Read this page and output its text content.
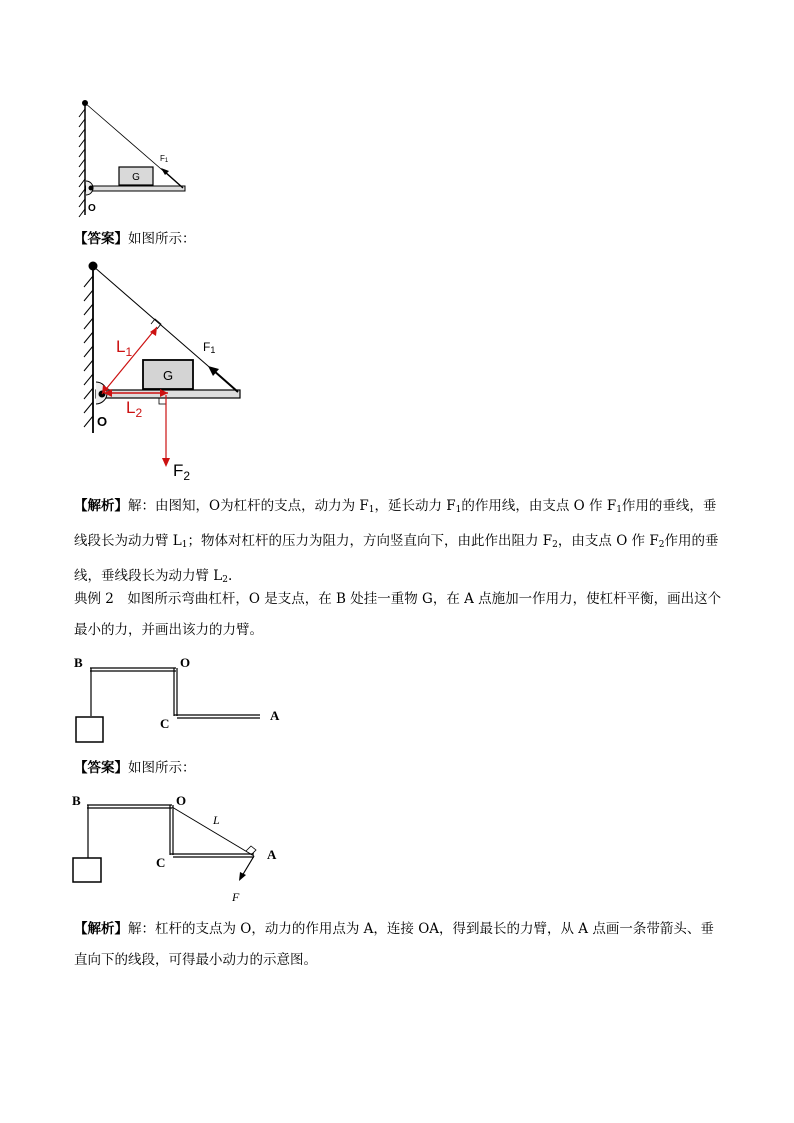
G
F1
O
【答案】如图所示：
G
F1
$L_1$
$L_2$
$F_2$
O
【解析】解：由图知，O为杠杆的支点，动力为 $F_1$，延长动力 $F_1$的作用线，由支点 O 作 $F_1$作用的垂线，垂线段长为动力臂 $L_1$；物体对杠杆的压力为阻力，方向竖直向下，由此作出阻力 $F_2$，由支点 O 作 $F_2$作用的垂线，垂线段长为动力臂 $L_2$.
典例 2　如图所示弯曲杠杆，O 是支点，在 B 处挂一重物 G，在 A 点施加一作用力，使杠杆平衡，画出这个最小的力，并画出该力的力臂。
B	O
C
A
【答案】如图所示：
B	O
L
F
C
A
【解析】解：杠杆的支点为 O，动力的作用点为 A，连接 OA，得到最长的力臂，从 A 点画一条带箭头、垂直向下的线段，可得最小动力的示意图。
